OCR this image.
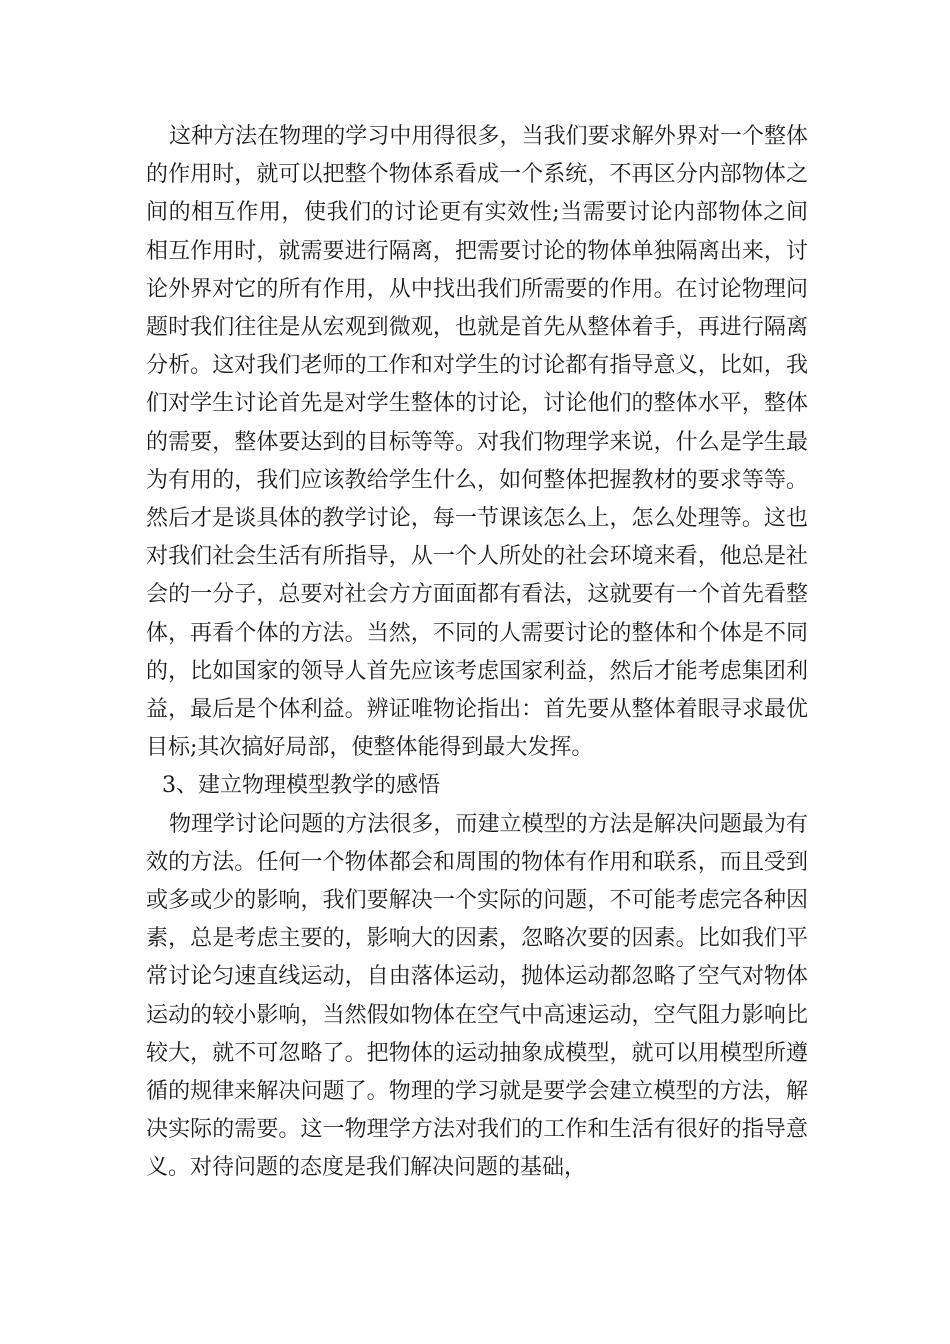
这种方法在物理的学习中用得很多，当我们要求解外界对一个整体的作用时，就可以把整个物体系看成一个系统，不再区分内部物体之间的相互作用，使我们的讨论更有实效性;当需要讨论内部物体之间相互作用时，就需要进行隔离，把需要讨论的物体单独隔离出来，讨论外界对它的所有作用，从中找出我们所需要的作用。在讨论物理问题时我们往往是从宏观到微观，也就是首先从整体着手，再进行隔离分析。这对我们老师的工作和对学生的讨论都有指导意义，比如，我们对学生讨论首先是对学生整体的讨论，讨论他们的整体水平，整体的需要，整体要达到的目标等等。对我们物理学来说，什么是学生最为有用的，我们应该教给学生什么，如何整体把握教材的要求等等。然后才是谈具体的教学讨论，每一节课该怎么上，怎么处理等。这也对我们社会生活有所指导，从一个人所处的社会环境来看，他总是社会的一分子，总要对社会方方面面都有看法，这就要有一个首先看整体，再看个体的方法。当然，不同的人需要讨论的整体和个体是不同的，比如国家的领导人首先应该考虑国家利益，然后才能考虑集团利益，最后是个体利益。辨证唯物论指出：首先要从整体着眼寻求最优目标;其次搞好局部，使整体能得到最大发挥。

3、建立物理模型教学的感悟

物理学讨论问题的方法很多，而建立模型的方法是解决问题最为有效的方法。任何一个物体都会和周围的物体有作用和联系，而且受到或多或少的影响，我们要解决一个实际的问题，不可能考虑完各种因素，总是考虑主要的，影响大的因素，忽略次要的因素。比如我们平常讨论匀速直线运动，自由落体运动，抛体运动都忽略了空气对物体运动的较小影响，当然假如物体在空气中高速运动，空气阻力影响比较大，就不可忽略了。把物体的运动抽象成模型，就可以用模型所遵循的规律来解决问题了。物理的学习就是要学会建立模型的方法，解决实际的需要。这一物理学方法对我们的工作和生活有很好的指导意义。对待问题的态度是我们解决问题的基础，
